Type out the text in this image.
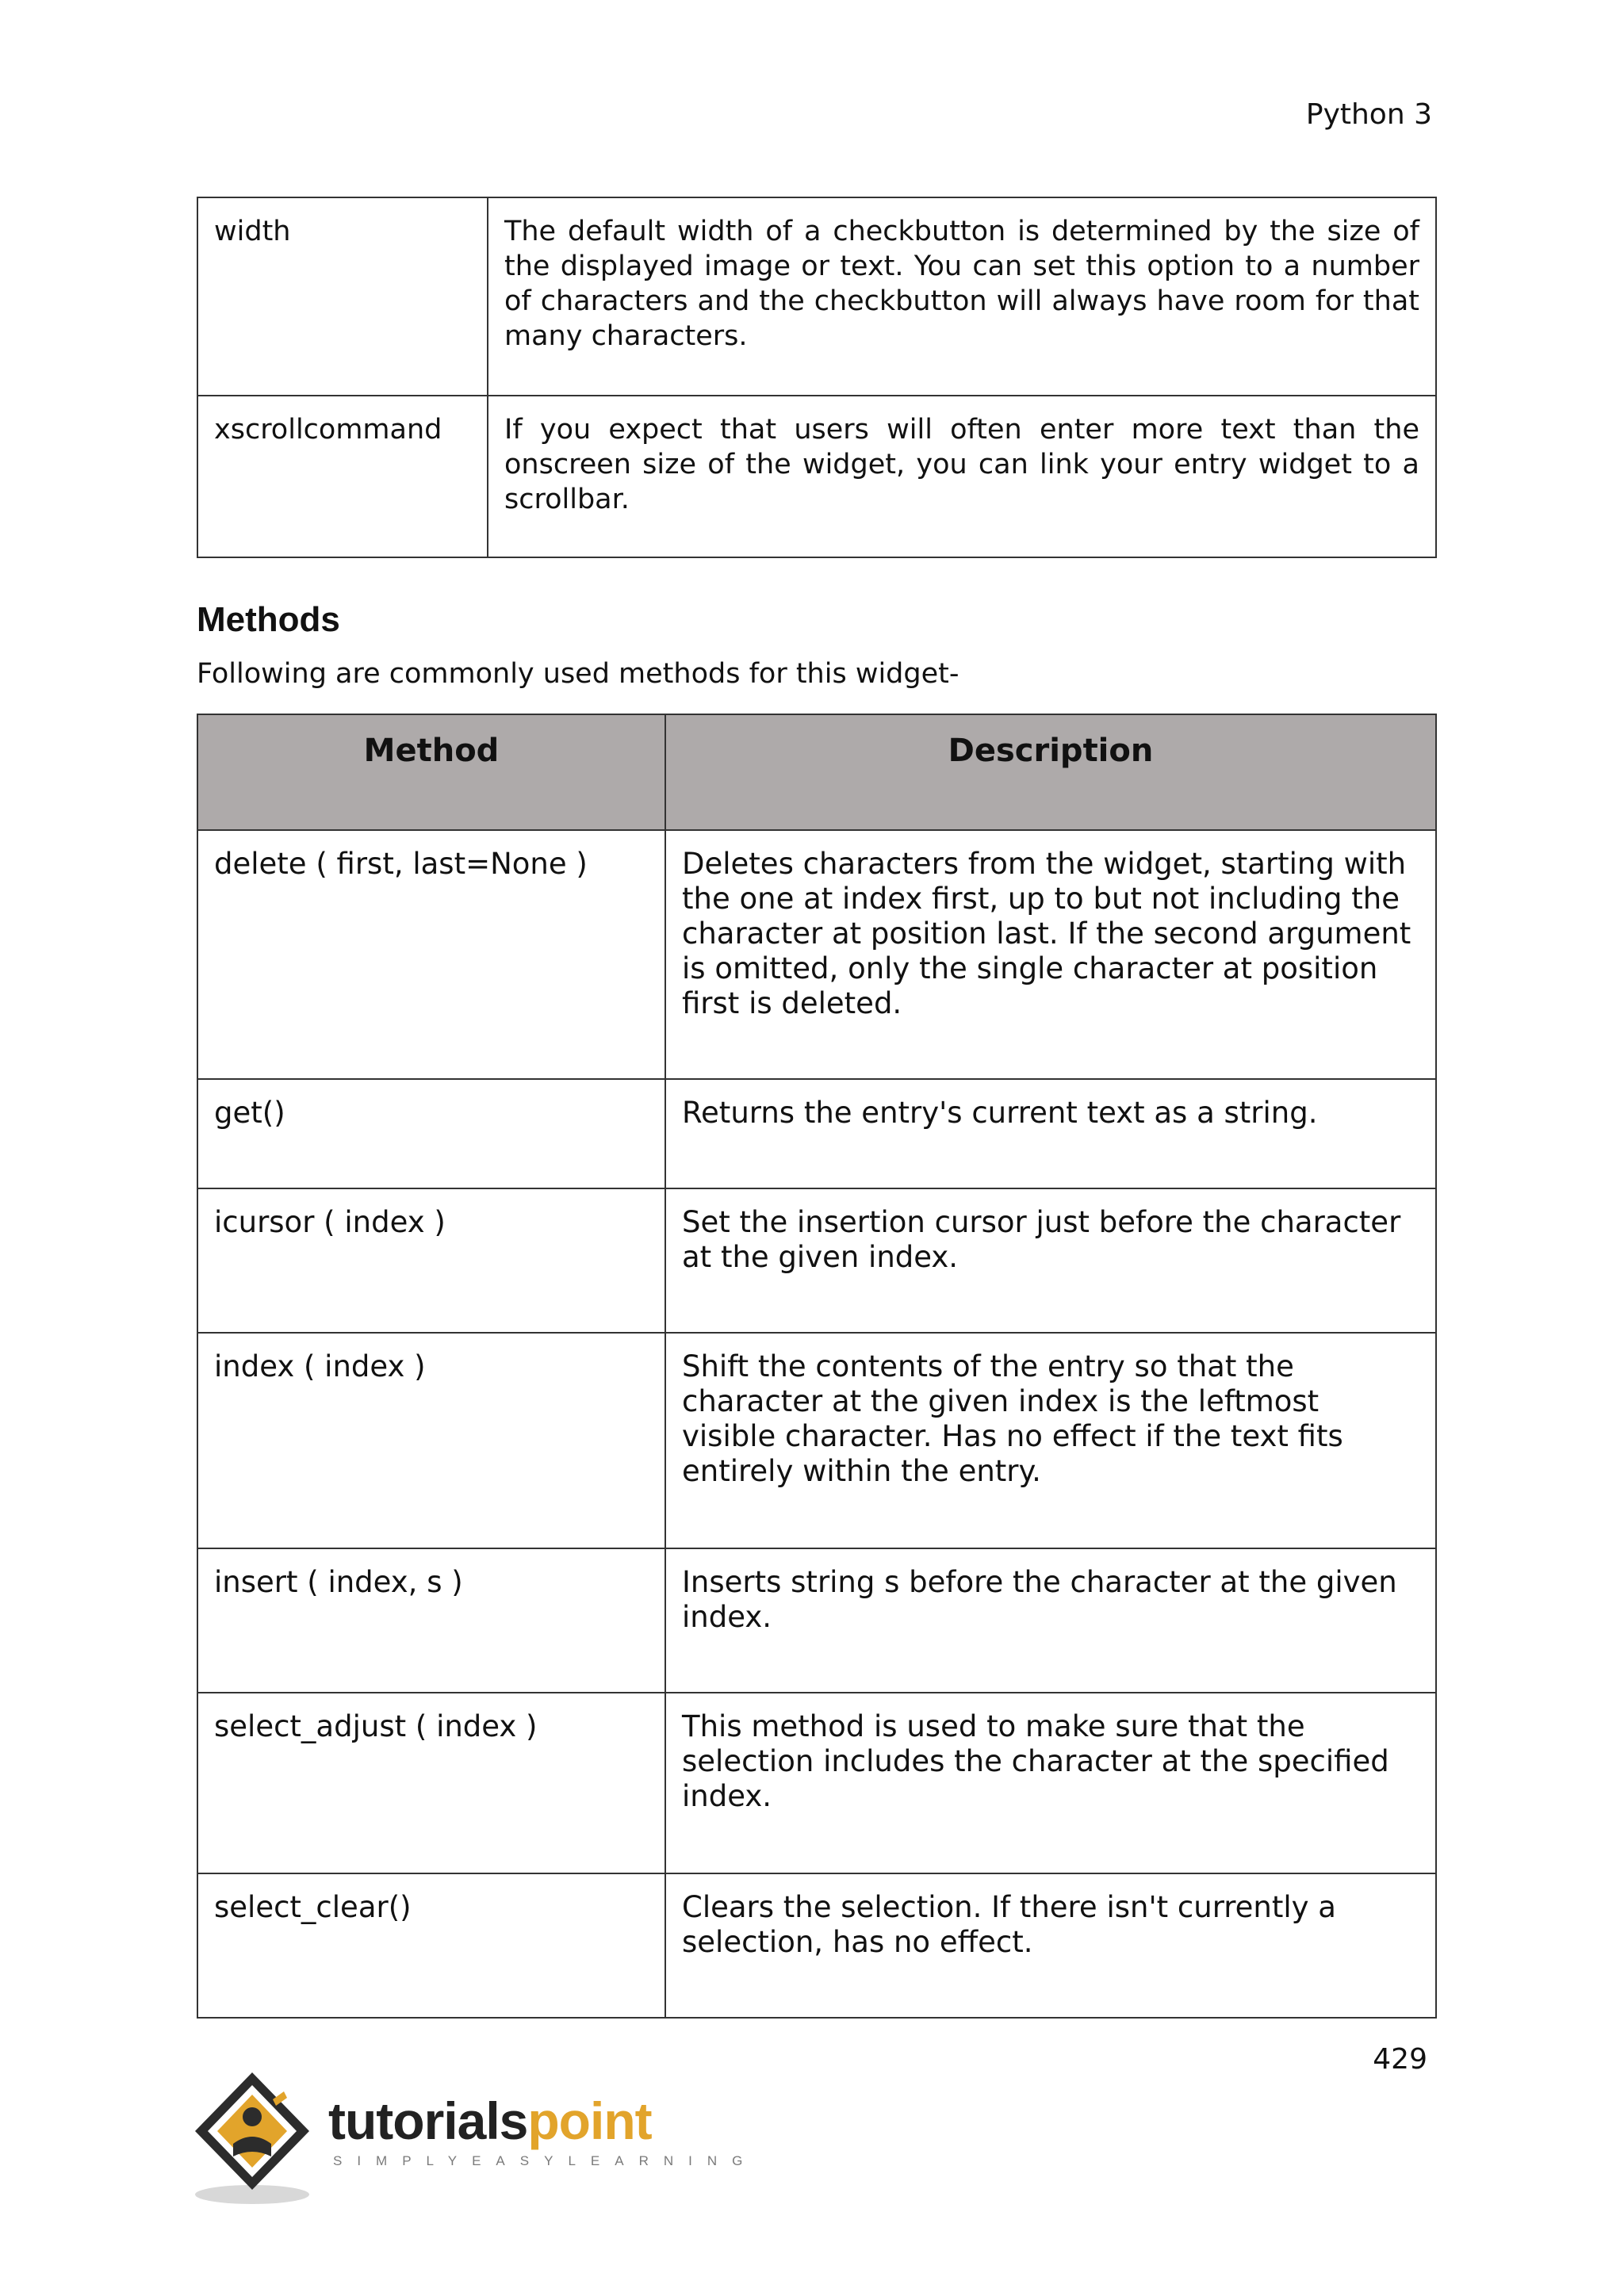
Python 3
width	The default width of a checkbutton is determined by the size of the displayed image or text. You can set this option to a number of characters and the checkbutton will always have room for that many characters.
xscrollcommand	If you expect that users will often enter more text than the onscreen size of the widget, you can link your entry widget to a scrollbar.
Methods

Following are commonly used methods for this widget-

Method	Description
delete ( first, last=None )	Deletes characters from the widget, starting with the one at index first, up to but not including the character at position last. If the second argument is omitted, only the single character at position first is deleted.
get()	Returns the entry's current text as a string.
icursor ( index )	Set the insertion cursor just before the character at the given index.
index ( index )	Shift the contents of the entry so that the character at the given index is the leftmost visible character. Has no effect if the text fits entirely within the entry.
insert ( index, s )	Inserts string s before the character at the given index.
select_adjust ( index )	This method is used to make sure that the selection includes the character at the specified index.
select_clear()	Clears the selection. If there isn't currently a selection, has no effect.
429
tutorialspoint
SIMPLYEASYLEARNING
